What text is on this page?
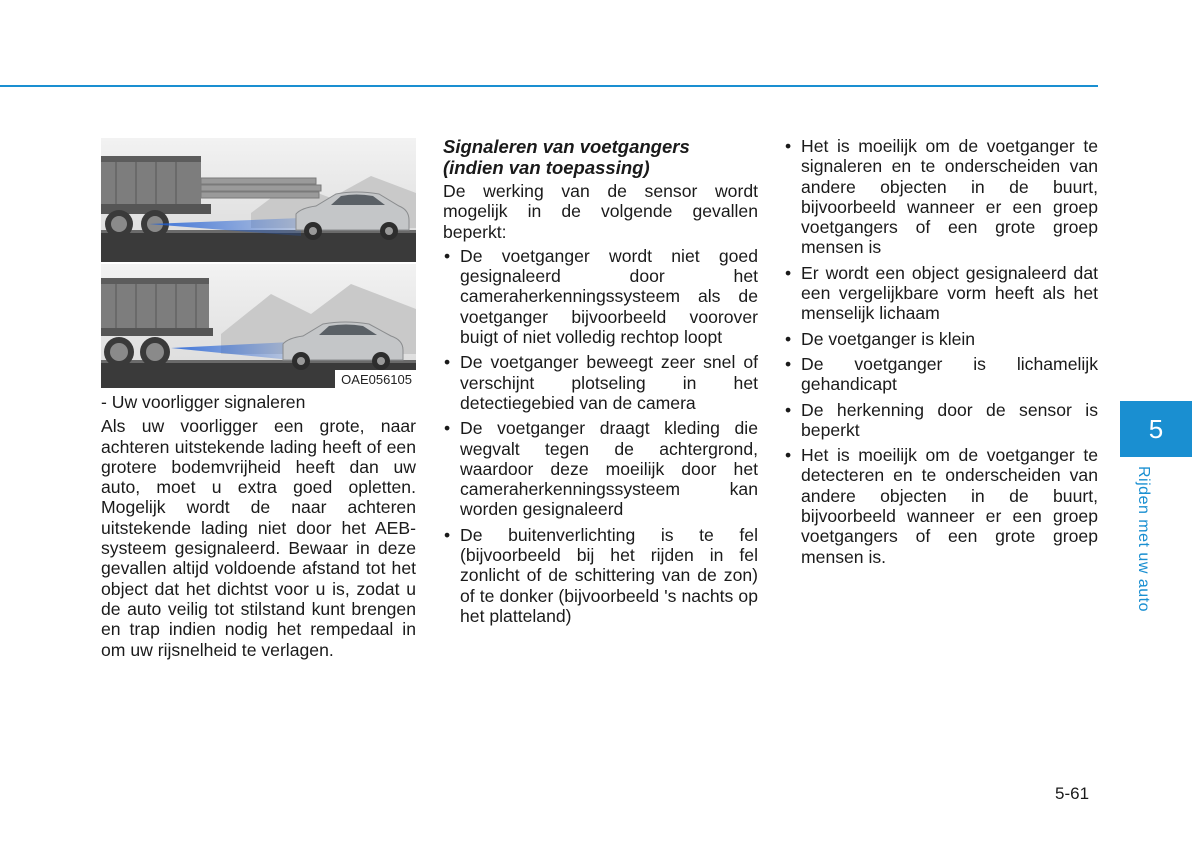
OAE056105

- Uw voorligger signaleren

Als uw voorligger een grote, naar achteren uitstekende lading heeft of een grotere bodemvrijheid heeft dan uw auto, moet u extra goed opletten. Mogelijk wordt de naar achteren uitstekende lading niet door het AEB-systeem gesignaleerd. Bewaar in deze gevallen altijd voldoende afstand tot het object dat het dichtst voor u is, zodat u de auto veilig tot stilstand kunt brengen en trap indien nodig het rempedaal in om uw rijsnelheid te verlagen.

Signaleren van voetgangers
(indien van toepassing)

De werking van de sensor wordt mogelijk in de volgende gevallen beperkt:

• De voetganger wordt niet goed gesignaleerd door het cameraherkenningssysteem als de voetganger bijvoorbeeld voorover buigt of niet volledig rechtop loopt
• De voetganger beweegt zeer snel of verschijnt plotseling in het detectiegebied van de camera
• De voetganger draagt kleding die wegvalt tegen de achtergrond, waardoor deze moeilijk door het cameraherkenningssysteem kan worden gesignaleerd
• De buitenverlichting is te fel (bijvoorbeeld bij het rijden in fel zonlicht of de schittering van de zon) of te donker (bijvoorbeeld 's nachts op het platteland)
• Het is moeilijk om de voetganger te signaleren en te onderscheiden van andere objecten in de buurt, bijvoorbeeld wanneer er een groep voetgangers of een grote groep mensen is
• Er wordt een object gesignaleerd dat een vergelijkbare vorm heeft als het menselijk lichaam
• De voetganger is klein
• De voetganger is lichamelijk gehandicapt
• De herkenning door de sensor is beperkt
• Het is moeilijk om de voetganger te detecteren en te onderscheiden van andere objecten in de buurt, bijvoorbeeld wanneer er een groep voetgangers of een grote groep mensen is.
5
Rijden met uw auto
5-61
